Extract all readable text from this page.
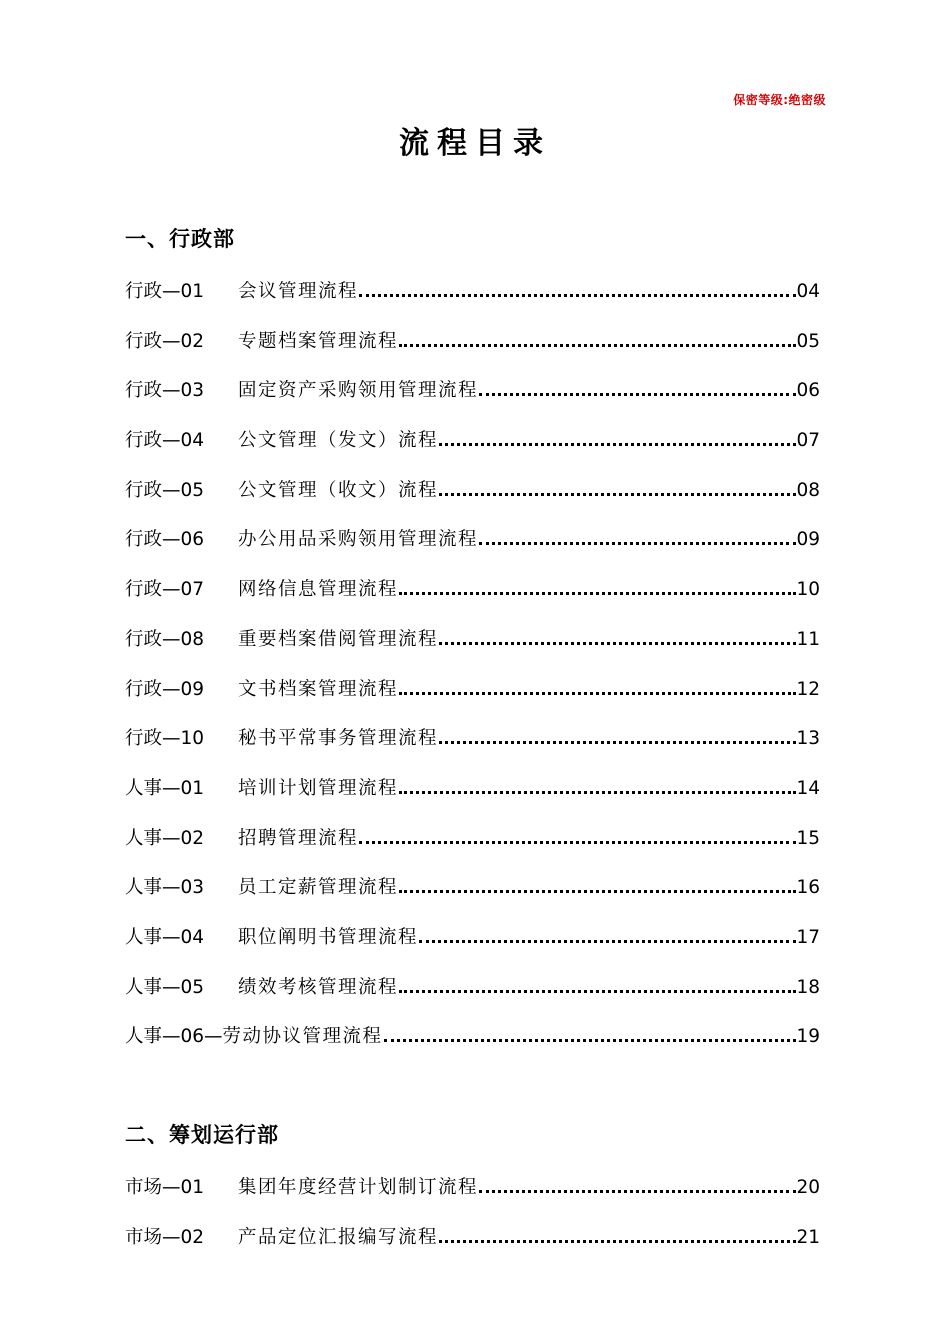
保密等级:绝密级
流程目录
一、行政部
行政—01	会议管理流程	04
行政—02	专题档案管理流程	05
行政—03	固定资产采购领用管理流程	06
行政—04	公文管理（发文）流程	07
行政—05	公文管理（收文）流程	08
行政—06	办公用品采购领用管理流程	09
行政—07	网络信息管理流程	10
行政—08	重要档案借阅管理流程	11
行政—09	文书档案管理流程	12
行政—10	秘书平常事务管理流程	13
人事—01	培训计划管理流程	14
人事—02	招聘管理流程	15
人事—03	员工定薪管理流程	16
人事—04	职位阐明书管理流程	17
人事—05	绩效考核管理流程	18
人事—06— 劳动协议管理流程	19
二、筹划运行部
市场—01	集团年度经营计划制订流程	20
市场—02	产品定位汇报编写流程	21
